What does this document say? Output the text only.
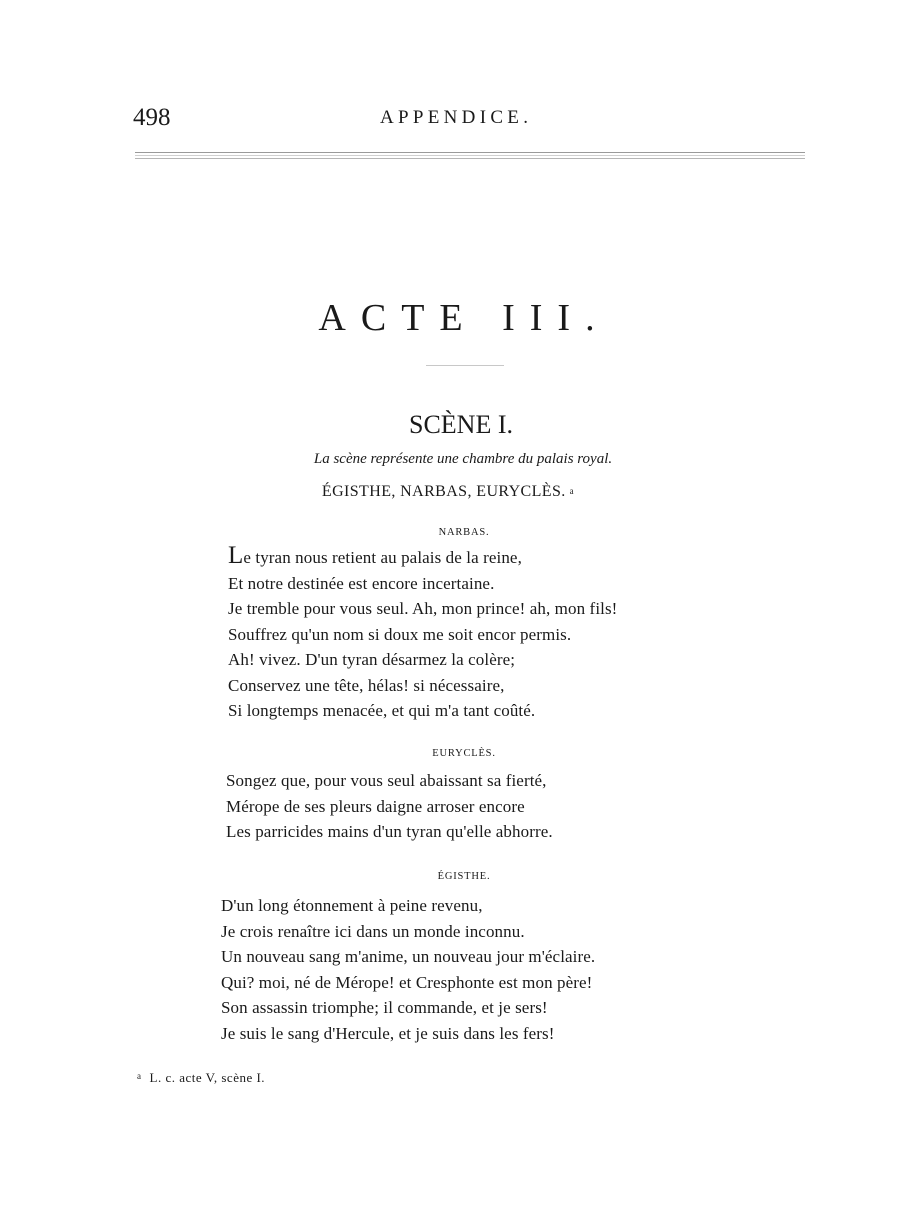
498	APPENDICE.
ACTE III.
SCÈNE I.
La scène représente une chambre du palais royal.
ÉGISTHE, NARBAS, EURYCLÈS. a
NARBAS.
Le tyran nous retient au palais de la reine,
Et notre destinée est encore incertaine.
Je tremble pour vous seul. Ah, mon prince! ah, mon fils!
Souffrez qu'un nom si doux me soit encor permis.
Ah! vivez. D'un tyran désarmez la colère;
Conservez une tête, hélas! si nécessaire,
Si longtemps menacée, et qui m'a tant coûté.
EURYCLÈS.
Songez que, pour vous seul abaissant sa fierté,
Mérope de ses pleurs daigne arroser encore
Les parricides mains d'un tyran qu'elle abhorre.
ÉGISTHE.
D'un long étonnement à peine revenu,
Je crois renaître ici dans un monde inconnu.
Un nouveau sang m'anime, un nouveau jour m'éclaire.
Qui? moi, né de Mérope! et Cresphonte est mon père!
Son assassin triomphe; il commande, et je sers!
Je suis le sang d'Hercule, et je suis dans les fers!
$^a$ L. c. acte V, scène I.
